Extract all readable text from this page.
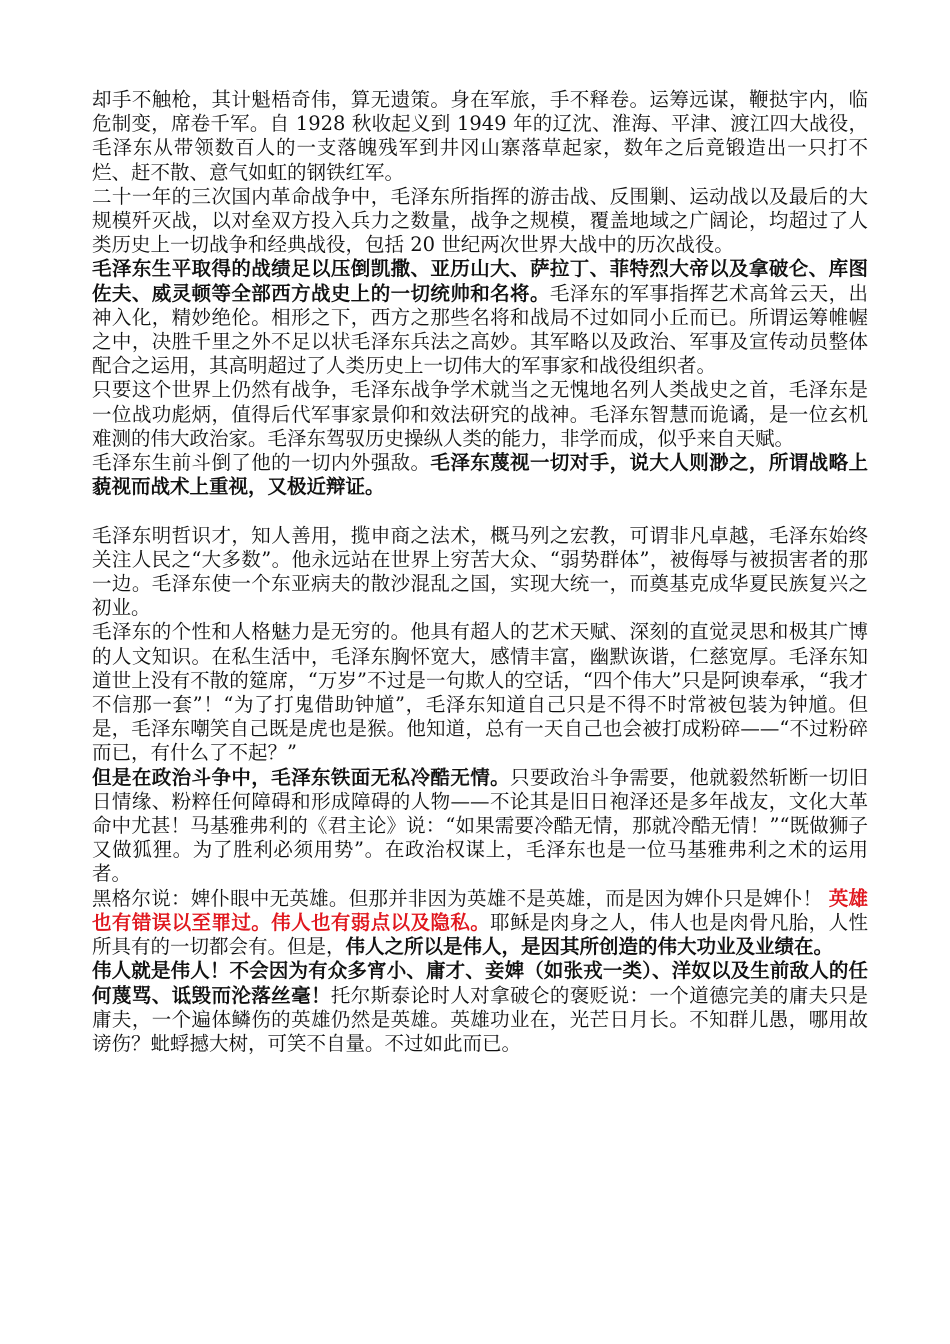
却手不触枪，其计魁梧奇伟，算无遗策。身在军旅，手不释卷。运筹远谋，鞭挞宇内，临危制变，席卷千军。自 1928 秋收起义到 1949 年的辽沈、淮海、平津、渡江四大战役，毛泽东从带领数百人的一支落魄残军到井冈山寨落草起家，数年之后竟锻造出一只打不烂、赶不散、意气如虹的钢铁红军。

二十一年的三次国内革命战争中，毛泽东所指挥的游击战、反围剿、运动战以及最后的大规模歼灭战，以对垒双方投入兵力之数量，战争之规模，覆盖地域之广阔论，均超过了人类历史上一切战争和经典战役，包括 20 世纪两次世界大战中的历次战役。

毛泽东生平取得的战绩足以压倒凯撒、亚历山大、萨拉丁、菲特烈大帝以及拿破仑、库图佐夫、威灵顿等全部西方战史上的一切统帅和名将。毛泽东的军事指挥艺术高耸云天，出神入化，精妙绝伦。相形之下，西方之那些名将和战局不过如同小丘而已。所谓运筹帷幄之中，决胜千里之外不足以状毛泽东兵法之高妙。其军略以及政治、军事及宣传动员整体配合之运用，其高明超过了人类历史上一切伟大的军事家和战役组织者。

只要这个世界上仍然有战争，毛泽东战争学术就当之无愧地名列人类战史之首，毛泽东是一位战功彪炳，值得后代军事家景仰和效法研究的战神。毛泽东智慧而诡谲，是一位玄机难测的伟大政治家。毛泽东驾驭历史操纵人类的能力，非学而成，似乎来自天赋。

毛泽东生前斗倒了他的一切内外强敌。毛泽东蔑视一切对手，说大人则渺之，所谓战略上藐视而战术上重视，又极近辩证。

毛泽东明哲识才，知人善用，揽申商之法术，概马列之宏教，可谓非凡卓越，毛泽东始终关注人民之“大多数”。他永远站在世界上穷苦大众、“弱势群体”，被侮辱与被损害者的那一边。毛泽东使一个东亚病夫的散沙混乱之国，实现大统一，而奠基克成华夏民族复兴之初业。

毛泽东的个性和人格魅力是无穷的。他具有超人的艺术天赋、深刻的直觉灵思和极其广博的人文知识。在私生活中，毛泽东胸怀宽大，感情丰富，幽默诙谐，仁慈宽厚。毛泽东知道世上没有不散的筵席，“万岁”不过是一句欺人的空话，“四个伟大”只是阿谀奉承，“我才不信那一套”！“为了打鬼借助钟馗”，毛泽东知道自己只是不得不时常被包装为钟馗。但是，毛泽东嘲笑自己既是虎也是猴。他知道，总有一天自己也会被打成粉碎——“不过粉碎而已，有什么了不起？”

但是在政治斗争中，毛泽东铁面无私冷酷无情。只要政治斗争需要，他就毅然斩断一切旧日情缘、粉粹任何障碍和形成障碍的人物——不论其是旧日袍泽还是多年战友，文化大革命中尤甚！马基雅弗利的《君主论》说：“如果需要冷酷无情，那就冷酷无情！”“既做狮子又做狐狸。为了胜利必须用势”。在政治权谋上，毛泽东也是一位马基雅弗利之术的运用者。

黑格尔说：婢仆眼中无英雄。但那并非因为英雄不是英雄，而是因为婢仆只是婢仆！ 英雄也有错误以至罪过。伟人也有弱点以及隐私。耶稣是肉身之人，伟人也是肉骨凡胎，人性所具有的一切都会有。但是，伟人之所以是伟人，是因其所创造的伟大功业及业绩在。

伟人就是伟人！不会因为有众多宵小、庸才、妾婢（如张戎一类）、洋奴以及生前敌人的任何蔑骂、诋毁而沦落丝毫！托尔斯泰论时人对拿破仑的褒贬说：一个道德完美的庸夫只是庸夫，一个遍体鳞伤的英雄仍然是英雄。英雄功业在，光芒日月长。不知群儿愚，哪用故谤伤？蚍蜉撼大树，可笑不自量。不过如此而已。
